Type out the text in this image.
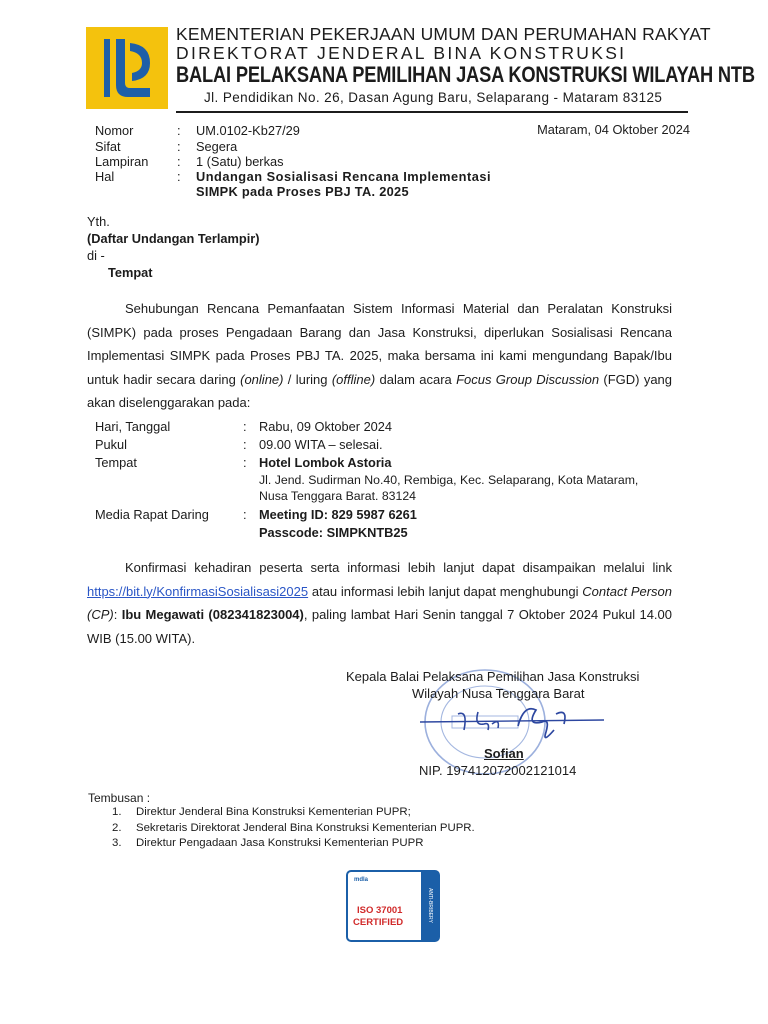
KEMENTERIAN PEKERJAAN UMUM DAN PERUMAHAN RAKYAT
DIREKTORAT JENDERAL BINA KONSTRUKSI
BALAI PELAKSANA PEMILIHAN JASA KONSTRUKSI WILAYAH NTB
Jl. Pendidikan No. 26, Dasan Agung Baru, Selaparang - Mataram 83125
Nomor	: UM.0102-Kb27/29	Mataram, 04 Oktober 2024
Sifat	: Segera
Lampiran : 1 (Satu) berkas
Hal	: Undangan Sosialisasi Rencana Implementasi
SIMPK pada Proses PBJ TA. 2025
Yth.
(Daftar Undangan Terlampir)
di -
Tempat
Sehubungan Rencana Pemanfaatan Sistem Informasi Material dan Peralatan Konstruksi (SIMPK) pada proses Pengadaan Barang dan Jasa Konstruksi, diperlukan Sosialisasi Rencana Implementasi SIMPK pada Proses PBJ TA. 2025, maka bersama ini kami mengundang Bapak/Ibu untuk hadir secara daring (online) / luring (offline) dalam acara Focus Group Discussion (FGD) yang akan diselenggarakan pada:
Hari, Tanggal	: Rabu, 09 Oktober 2024
Pukul	: 09.00 WITA – selesai.
Tempat	: Hotel Lombok Astoria
Jl. Jend. Sudirman No.40, Rembiga, Kec. Selaparang, Kota Mataram,
Nusa Tenggara Barat. 83124
Media Rapat Daring	: Meeting ID: 829 5987 6261
Passcode: SIMPKNTB25
Konfirmasi kehadiran peserta serta informasi lebih lanjut dapat disampaikan melalui link https://bit.ly/KonfirmasiSosialisasi2025 atau informasi lebih lanjut dapat menghubungi Contact Person (CP): Ibu Megawati (082341823004), paling lambat Hari Senin tanggal 7 Oktober 2024 Pukul 14.00 WIB (15.00 WITA).
Kepala Balai Pelaksana Pemilihan Jasa Konstruksi
Wilayah Nusa Tenggara Barat
Sofian
NIP. 197412072002121014
Tembusan :
1. Direktur Jenderal Bina Konstruksi Kementerian PUPR;
2. Sekretaris Direktorat Jenderal Bina Konstruksi Kementerian PUPR.
3. Direktur Pengadaan Jasa Konstruksi Kementerian PUPR
mdla
ISO 37001
CERTIFIED
ANTI-BRIBERY MANAGEMENT SYSTEM
